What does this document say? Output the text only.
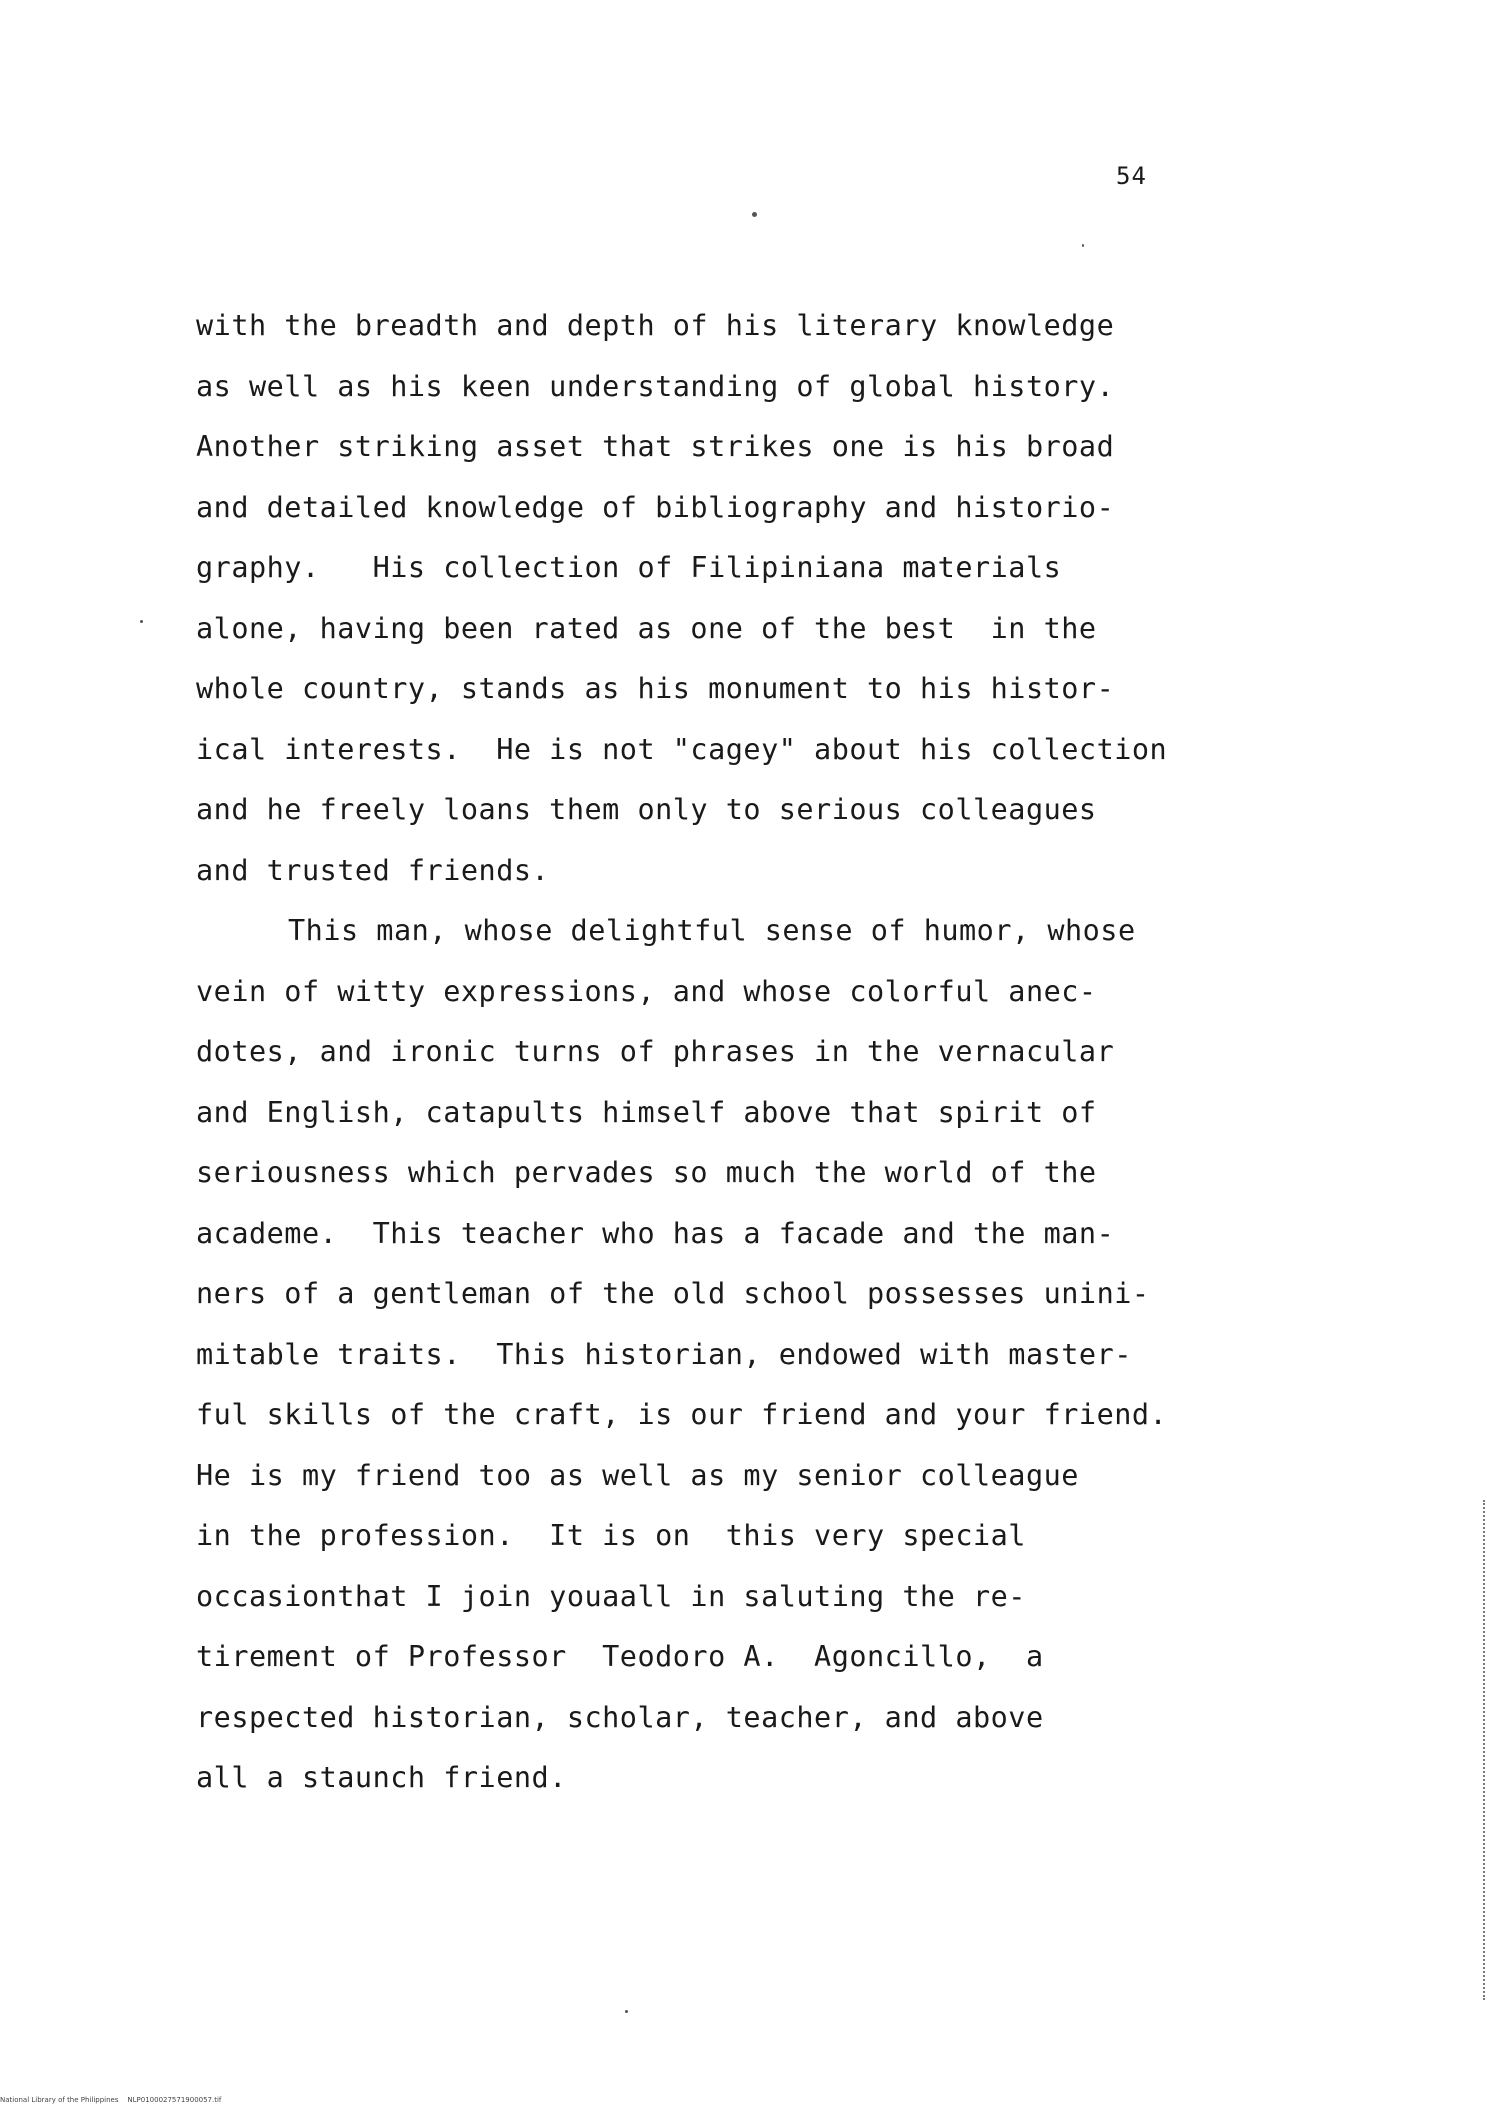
54
with the breadth and depth of his literary knowledge
as well as his keen understanding of global history.
Another striking asset that strikes one is his broad
and detailed knowledge of bibliography and historio-
graphy.   His collection of Filipiniana materials
alone, having been rated as one of the best  in the
whole country, stands as his monument to his histor-
ical interests.  He is not "cagey" about his collection
and he freely loans them only to serious colleagues
and trusted friends.
This man, whose delightful sense of humor, whose
vein of witty expressions, and whose colorful anec-
dotes, and ironic turns of phrases in the vernacular
and English, catapults himself above that spirit of
seriousness which pervades so much the world of the
academe.  This teacher who has a facade and the man-
ners of a gentleman of the old school possesses unini-
mitable traits.  This historian, endowed with master-
ful skills of the craft, is our friend and your friend.
He is my friend too as well as my senior colleague
in the profession.  It is on  this very special
occasionthat I join youaall in saluting the re-
tirement of Professor  Teodoro A.  Agoncillo,  a
respected historian, scholar, teacher, and above
all a staunch friend.
National Library of the Philippines    NLP0100027571900057.tif
